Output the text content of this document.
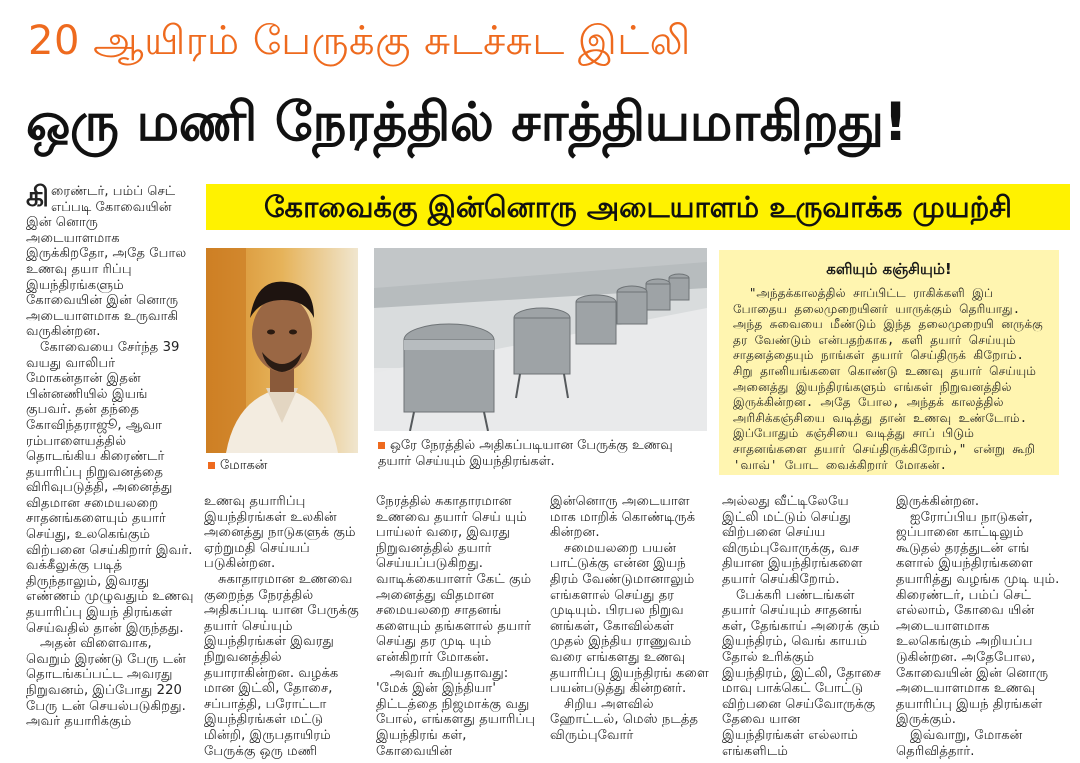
20 ஆயிரம் பேருக்கு சுடச்சுட இட்லி
ஒரு மணி நேரத்தில் சாத்தியமாகிறது!
கோவைக்கு இன்னொரு அடையாளம் உருவாக்க முயற்சி

கிரைண்டர், பம்ப் செட் எப்படி கோவையின் இன் னொரு அடையாளமாக இருக்கிறதோ, அதே போல உணவு தயா ரிப்பு இயந்திரங்களும் கோவையின் இன் னொரு அடையாளமாக உருவாகி வருகின்றன.

கோவையை சேர்ந்த 39 வயது வாலிபர் மோகன்தான் இதன் பின்னணியில் இயங் குபவர். தன் தந்தை கோவிந்தராஜூ, ஆவா ரம்பாளையத்தில் தொடங்கிய கிரைண்டர் தயாரிப்பு நிறுவனத்தை விரிவுபடுத்தி, அனைத்து விதமான சமையலறை சாதனங்களையும் தயார் செய்து, உலகெங்கும் விற்பனை செய்கிறார் இவர். வக்கீலுக்கு படித் திருந்தாலும், இவரது எண்ணம் முழுவதும் உணவு தயாரிப்பு இயந் திரங்கள் செய்வதில் தான் இருந்தது.

அதன் விளைவாக, வெறும் இரண்டு பேரு டன் தொடங்கப்பட்ட அவரது நிறுவனம், இப்போது 220 பேரு டன் செயல்படுகிறது. அவர் தயாரிக்கும்

மோகன்
ஒரே நேரத்தில் அதிகப்படியான பேருக்கு உணவு தயார் செய்யும் இயந்திரங்கள்.
களியும் கஞ்சியும்!
"அந்தக்காலத்தில் சாப்பிட்ட ராகிக்களி இப் போதைய தலைமுறையினர் யாருக்கும் தெரியாது. அந்த சுவையை மீண்டும் இந்த தலைமுறையி னருக்கு தர வேண்டும் என்பதற்காக, களி தயார் செய்யும் சாதனத்தையும் நாங்கள் தயார் செய்திருக் கிறோம். சிறு தானியங்களை கொண்டு உணவு தயார் செய்யும் அனைத்து இயந்திரங்களும் எங்கள் நிறுவனத்தில் இருக்கின்றன. அதே போல, அந்தக் காலத்தில் அரிசிக்கஞ்சியை வடித்து தான் உணவு உண்டோம். இப்போதும் கஞ்சியை வடித்து சாப் பிடும் சாதனங்களை தயார் செய்திருக்கிறோம்," என்று கூறி 'வாவ்' போட வைக்கிறார் மோகன்.

உணவு தயாரிப்பு இயந்திரங்கள் உலகின் அனைத்து நாடுகளுக் கும் ஏற்றுமதி செய்யப் படுகின்றன.

சுகாதாரமான உணவை குறைந்த நேரத்தில் அதிகப்படி யான பேருக்கு தயார் செய்யும் இயந்திரங்கள் இவரது நிறுவனத்தில் தயாராகின்றன. வழக்க மான இட்லி, தோசை, சப்பாத்தி, பரோட்டா இயந்திரங்கள் மட்டு மின்றி, இருபதாயிரம் பேருக்கு ஒரு மணி

நேரத்தில் சுகாதாரமான உணவை தயார் செய் யும் பாய்லர் வரை, இவரது நிறுவனத்தில் தயார் செய்யப்படுகிறது. வாடிக்கையாளர் கேட் கும் அனைத்து விதமான சமையலறை சாதனங் களையும் தங்களால் தயார் செய்து தர முடி யும் என்கிறார் மோகன்.

அவர் கூறியதாவது: 'மேக் இன் இந்தியா' திட்டத்தை நிஜமாக்கு வது போல், எங்களது தயாரிப்பு இயந்திரங் கள், கோவையின்

இன்னொரு அடையாள மாக மாறிக் கொண்டிருக் கின்றன.

சமையலறை பயன் பாட்டுக்கு என்ன இயந் திரம் வேண்டுமானாலும் எங்களால் செய்து தர முடியும். பிரபல நிறுவ னங்கள், கோவில்கள் முதல் இந்திய ராணுவம் வரை எங்களது உணவு தயாரிப்பு இயந்திரங் களை பயன்படுத்து கின்றனர்.

சிறிய அளவில் ஹோட்டல், மெஸ் நடத்த விரும்புவோர்

அல்லது வீட்டிலேயே இட்லி மட்டும் செய்து விற்பனை செய்ய விரும்புவோருக்கு, வச தியான இயந்திரங்களை தயார் செய்கிறோம்.

பேக்கரி பண்டங்கள் தயார் செய்யும் சாதனங் கள், தேங்காய் அரைக் கும் இயந்திரம், வெங் காயம் தோல் உரிக்கும் இயந்திரம், இட்லி, தோசை மாவு பாக்கெட் போட்டு விற்பனை செய்வோருக்கு தேவை யான இயந்திரங்கள் எல்லாம் எங்களிடம்

இருக்கின்றன.

ஐரோப்பிய நாடுகள், ஜப்பானை காட்டிலும் கூடுதல் தரத்துடன் எங் களால் இயந்திரங்களை தயாரித்து வழங்க முடி யும். கிரைண்டர், பம்ப் செட் எல்லாம், கோவை யின் அடையாளமாக உலகெங்கும் அறியப்ப டுகின்றன. அதேபோல, கோவையின் இன் னொரு அடையாளமாக உணவு தயாரிப்பு இயந் திரங்கள் இருக்கும்.

இவ்வாறு, மோகன் தெரிவித்தார்.
